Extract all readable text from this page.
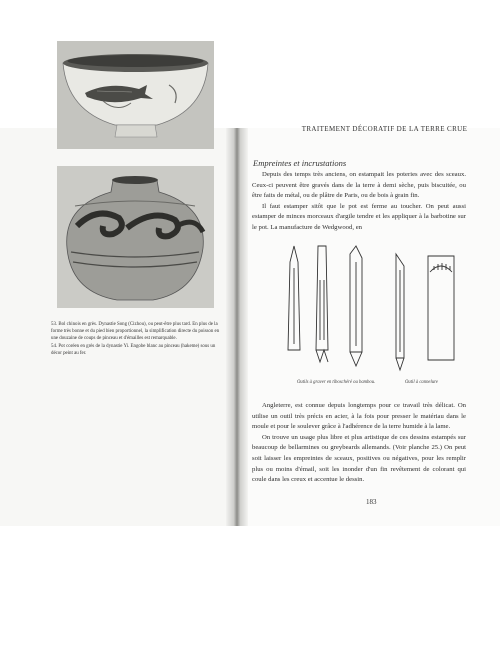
53. Bol chinois en grès. Dynastie Song (Cizhou), ou peut-être plus tard. En plus de la forme très bonne et du pied bien proportionnel, la simplification directe du poisson en une douzaine de coups de pinceau et d'émailles est remarquable.

54. Pot coréen en grès de la dynastie Yi. Engobe blanc au pinceau (hakeme) sous un décor peint au fer.

TRAITEMENT DÉCORATIF DE LA TERRE CRUE
Empreintes et incrustations

Depuis des temps très anciens, on estampait les poteries avec des sceaux. Ceux-ci peuvent être gravés dans de la terre à demi sèche, puis biscuitée, ou être faits de métal, ou de plâtre de Paris, ou de bois à grain fin.

Il faut estamper sitôt que le pot est ferme au toucher. On peut aussi estamper de minces morceaux d'argile tendre et les appliquer à la barbotine sur le pot. La manufacture de Wedgwood, en

Outils à graver en tiboschéré ou bambou.	Outil à cannelure

Angleterre, est connue depuis longtemps pour ce travail très délicat. On utilise un outil très précis en acier, à la fois pour presser le matériau dans le moule et pour le soulever grâce à l'adhérence de la terre humide à la lame.

On trouve un usage plus libre et plus artistique de ces dessins estampés sur beaucoup de bellarmines ou greybeards allemands. (Voir planche 25.) On peut soit laisser les empreintes de sceaux, positives ou négatives, pour les remplir plus ou moins d'émail, soit les inonder d'un fin revêtement de colorant qui coule dans les creux et accentue le dessin.

183
